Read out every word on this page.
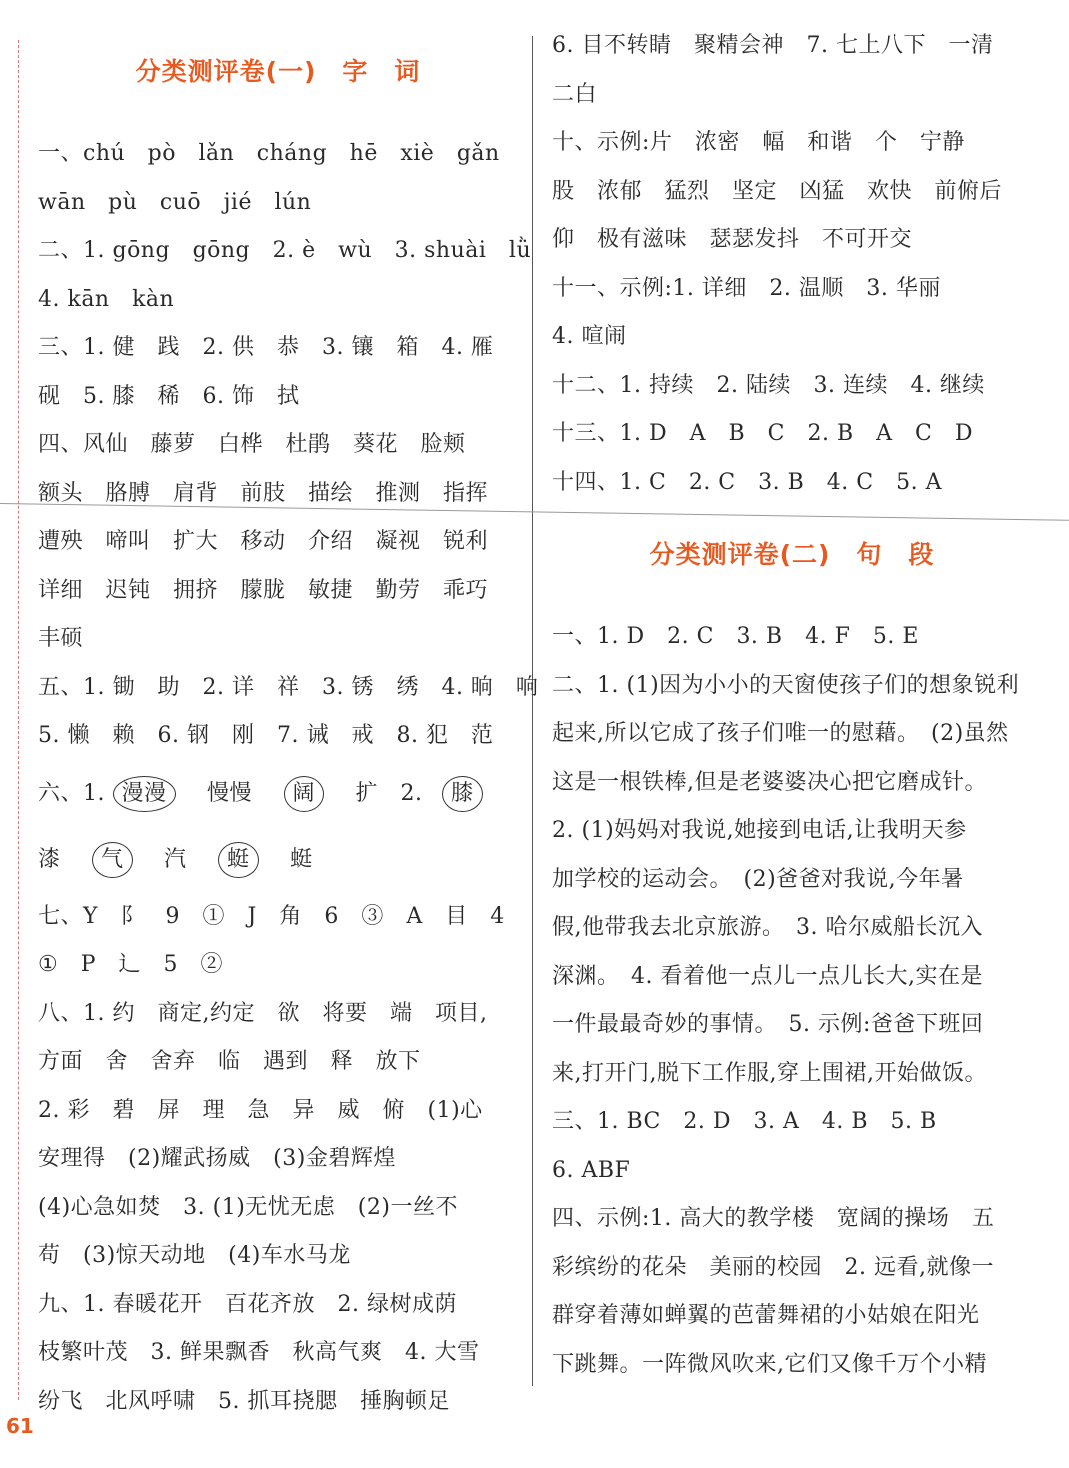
分类测评卷(一)　字　词
一、chú　pò　lǎn　cháng　hē　xiè　gǎn
wān　pù　cuō　jié　lún
二、1. gōng　gōng　2. è　wù　3. shuài　lǜ
4. kān　kàn
三、1. 健　践　2. 供　恭　3. 镶　箱　4. 雁
砚　5. 膝　稀　6. 饰　拭
四、风仙　藤萝　白桦　杜鹃　葵花　脸颊
额头　胳膊　肩背　前肢　描绘　推测　指挥
遭殃　啼叫　扩大　移动　介绍　凝视　锐利
详细　迟钝　拥挤　朦胧　敏捷　勤劳　乖巧
丰硕
五、1. 锄　助　2. 详　祥　3. 锈　绣　4. 晌　响
5. 懒　赖　6. 钢　刚　7. 诫　戒　8. 犯　范
六、1. 漫漫 慢慢 阔 扩　2. 膝
漆 气 汽 蜓 蜓
七、Y　阝　9　①　J　角　6　③　A　目　4
①　P　辶　5　②
八、1. 约　商定,约定　欲　将要　端　项目,
方面　舍　舍弃　临　遇到　释　放下
2. 彩　碧　屏　理　急　异　威　俯　(1)心
安理得　(2)耀武扬威　(3)金碧辉煌
(4)心急如焚　3. (1)无忧无虑　(2)一丝不
苟　(3)惊天动地　(4)车水马龙
九、1. 春暖花开　百花齐放　2. 绿树成荫
枝繁叶茂　3. 鲜果飘香　秋高气爽　4. 大雪
纷飞　北风呼啸　5. 抓耳挠腮　捶胸顿足
6. 目不转睛　聚精会神　7. 七上八下　一清
二白
十、示例:片　浓密　幅　和谐　个　宁静
股　浓郁　猛烈　坚定　凶猛　欢快　前俯后
仰　极有滋味　瑟瑟发抖　不可开交
十一、示例:1. 详细　2. 温顺　3. 华丽
4. 喧闹
十二、1. 持续　2. 陆续　3. 连续　4. 继续
十三、1. D　A　B　C　2. B　A　C　D
十四、1. C　2. C　3. B　4. C　5. A
分类测评卷(二)　句　段
一、1. D　2. C　3. B　4. F　5. E
二、1. (1)因为小小的天窗使孩子们的想象锐利
起来,所以它成了孩子们唯一的慰藉。　(2)虽然
这是一根铁棒,但是老婆婆决心把它磨成针。
2. (1)妈妈对我说,她接到电话,让我明天参
加学校的运动会。　(2)爸爸对我说,今年暑
假,他带我去北京旅游。　3. 哈尔威船长沉入
深渊。　4. 看着他一点儿一点儿长大,实在是
一件最最奇妙的事情。　5. 示例:爸爸下班回
来,打开门,脱下工作服,穿上围裙,开始做饭。
三、1. BC　2. D　3. A　4. B　5. B
6. ABF
四、示例:1. 高大的教学楼　宽阔的操场　五
彩缤纷的花朵　美丽的校园　2. 远看,就像一
群穿着薄如蝉翼的芭蕾舞裙的小姑娘在阳光
下跳舞。一阵微风吹来,它们又像千万个小精
61
